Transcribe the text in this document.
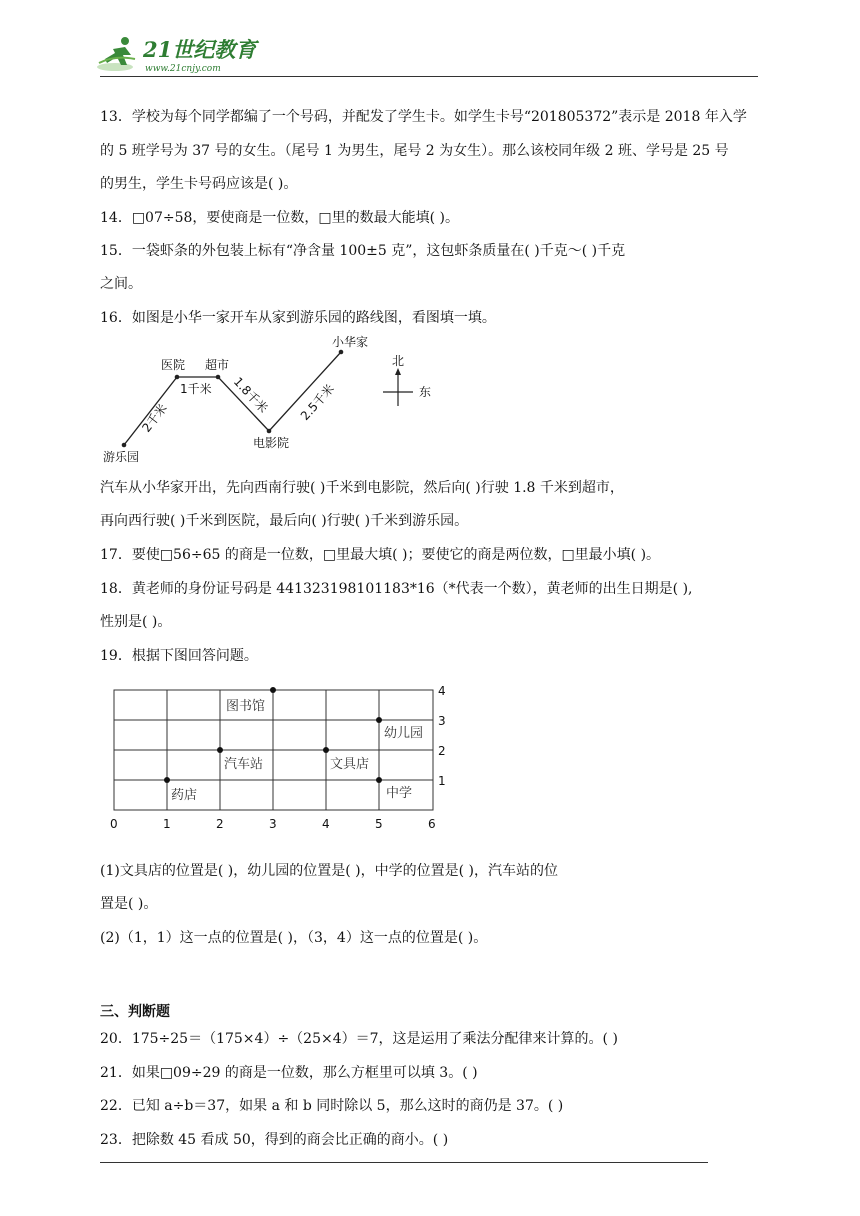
21世纪教育
www.21cnjy.com
13．学校为每个同学都编了一个号码，并配发了学生卡。如学生卡号“201805372”表示是 2018 年入学
的 5 班学号为 37 号的女生。（尾号 1 为男生，尾号 2 为女生）。那么该校同年级 2 班、学号是 25 号
的男生，学生卡号码应该是( )。
14．□07÷58，要使商是一位数，□里的数最大能填( )。
15．一袋虾条的外包装上标有“净含量 100±5 克”，这包虾条质量在( )千克～( )千克
之间。
16．如图是小华一家开车从家到游乐园的路线图，看图填一填。
小华家
医院 超市
电影院
游乐园
1千米
2千米
1.8千米 2.5千米
北
东
汽车从小华家开出，先向西南行驶( )千米到电影院，然后向( )行驶 1.8 千米到超市，
再向西行驶( )千米到医院，最后向( )行驶( )千米到游乐园。
17．要使□56÷65 的商是一位数，□里最大填( )；要使它的商是两位数，□里最小填( )。
18．黄老师的身份证号码是 441323198101183*16（*代表一个数），黄老师的出生日期是( ),
性别是( )。
19．根据下图回答问题。
图书馆
幼儿园
汽车站	文具店
药店	中学
0	1	2	3	4	5	6
1
2
3
4
(1)文具店的位置是( )，幼儿园的位置是( )，中学的位置是( )，汽车站的位
置是( )。
(2)（1，1）这一点的位置是( )，（3，4）这一点的位置是( )。
三、判断题
20．175÷25＝（175×4）÷（25×4）＝7，这是运用了乘法分配律来计算的。( )
21．如果□09÷29 的商是一位数，那么方框里可以填 3。( )
22．已知 a÷b＝37，如果 a 和 b 同时除以 5，那么这时的商仍是 37。( )
23．把除数 45 看成 50，得到的商会比正确的商小。( )
